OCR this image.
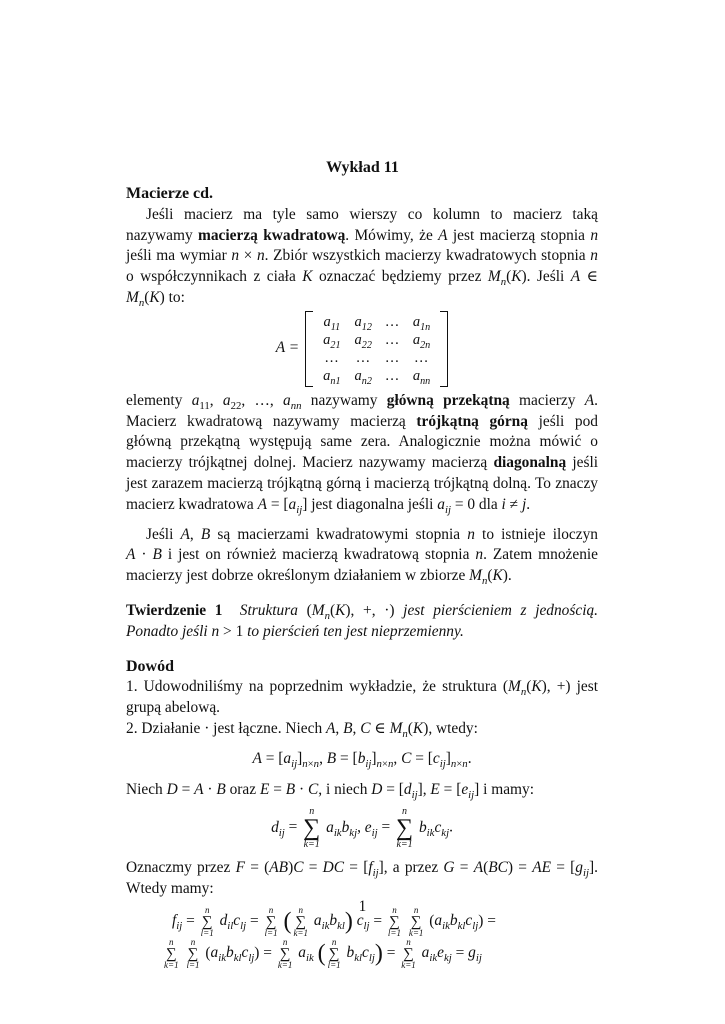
Wykład 11
Macierze cd.

Jeśli macierz ma tyle samo wierszy co kolumn to macierz taką nazywamy macierzą kwadratową. Mówimy, że A jest macierzą stopnia n jeśli ma wymiar n × n. Zbiór wszystkich macierzy kwadratowych stopnia n o współczynnikach z ciała K oznaczać będziemy przez $M_n(K)$. Jeśli A ∈ $M_n(K)$ to:

A =
$a_{11}$	$a_{12}$	…	$a_{1n}$
$a_{21}$	$a_{22}$	…	$a_{2n}$
…	…	…	…
$a_{n1}$	$a_{n2}$	…	$a_{nn}$

elementy $a_{11}$, $a_{22}$, …, $a_{nn}$ nazywamy główną przekątną macierzy A. Macierz kwadratową nazywamy macierzą trójkątną górną jeśli pod główną przekątną występują same zera. Analogicznie można mówić o macierzy trójkątnej dolnej. Macierz nazywamy macierzą diagonalną jeśli jest zarazem macierzą trójkątną górną i macierzą trójkątną dolną. To znaczy macierz kwadratowa $A = [a_{ij}]$ jest diagonalna jeśli $a_{ij} = 0$ dla i ≠ j.

Jeśli A, B są macierzami kwadratowymi stopnia n to istnieje iloczyn A · B i jest on również macierzą kwadratową stopnia n. Zatem mnożenie macierzy jest dobrze określonym działaniem w zbiorze $M_n(K)$.

Twierdzenie 1 Struktura ($M_n(K)$, +, ·) jest pierścieniem z jednością. Ponadto jeśli n > 1 to pierścień ten jest nieprzemienny.

Dowód

1. Udowodniliśmy na poprzednim wykładzie, że struktura ($M_n(K)$, +) jest grupą abelową.

2. Działanie · jest łączne. Niech A, B, C ∈ $M_n(K)$, wtedy:

$A = [a_{ij}]_{n\times n}$, $B = [b_{ij}]_{n\times n}$, $C = [c_{ij}]_{n\times n}$.

Niech D = A · B oraz E = B · C, i niech $D = [d_{ij}]$, $E = [e_{ij}]$ i mamy:

$d_{ij}$ =
n
∑
k=1
$a_{ik}b_{kj}$, $e_{ij}$ =
n
∑
k=1
$b_{ik}c_{kj}$.

Oznaczmy przez F = (AB)C = DC = $[f_{ij}]$, a przez G = A(BC) = AE = $[g_{ij}]$. Wtedy mamy:

$f_{ij}$ =
n
∑
l=1
$d_{il}c_{lj}$ =
n
∑
l=1 ( n
∑
k=1
$a_{ik}b_{kl}$) $c_{lj}$ =
n
∑
l=1

n
∑
k=1
$(a_{ik}b_{kl}c_{lj})$ =
n
∑
k=1

n
∑
l=1
$(a_{ik}b_{kl}c_{lj})$ =
n
∑
k=1
$a_{ik}$ ( n
∑
l=1
$b_{kl}c_{lj}$) =
n
∑
k=1
$a_{ik}e_{kj} = g_{ij}$
1
